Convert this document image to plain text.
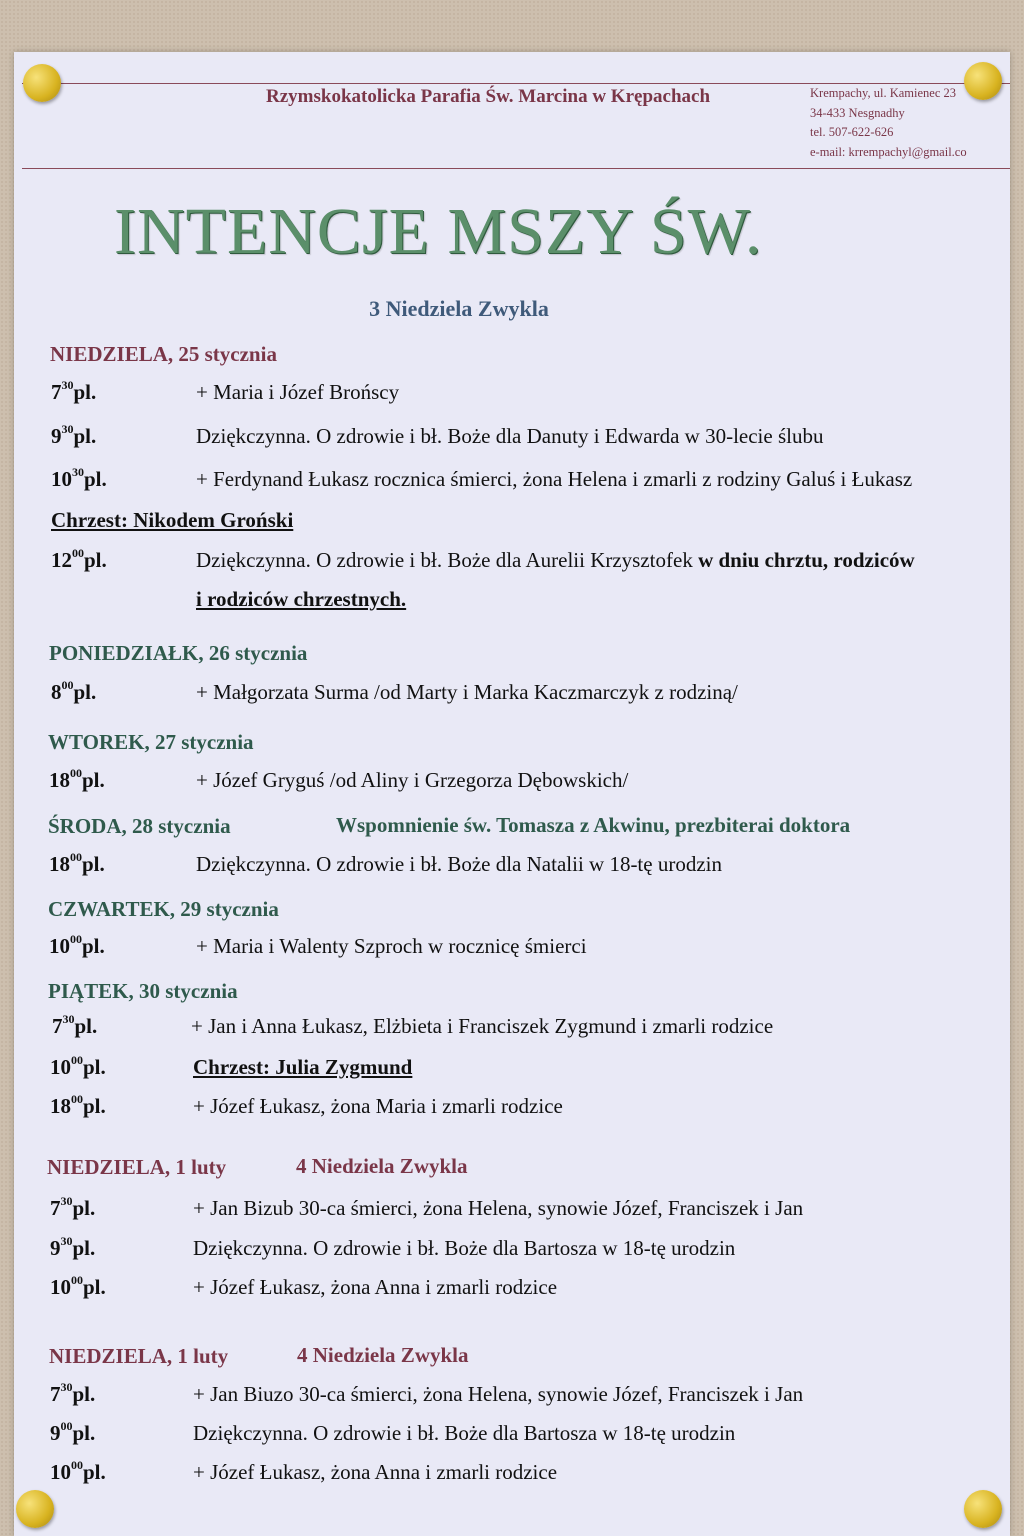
Rzymskokatolicka Parafia Św. Marcina w Krępachach	Krempachy, ul. Kamienec 23
34-433 Nesgnadhy
tel. 507-622-626
e-mail: krrempachyl@gmail.co
INTENCJE MSZY ŚW.
3 Niedziela Zwykla
NIEDZIELA, 25 stycznia
$7^{30}pl$.	+ Maria i Józef Brońscy
$9^{30}pl$.	Dziękczynna. O zdrowie i bł. Boże dla Danuty i Edwarda w 30-lecie ślubu
$10^{30}pl$.	+ Ferdynand Łukasz rocznica śmierci, żona Helena i zmarli z rodziny Galuś i Łukasz
Chrzest: Nikodem Groński
$12^{00}pl$.	Dziękczynna. O zdrowie i bł. Boże dla Aurelii Krzysztofek w dniu chrztu, rodziców
i rodziców chrzestnych.
PONIEDZIAŁK, 26 stycznia
$8^{00}pl$.	+ Małgorzata Surma /od Marty i Marka Kaczmarczyk z rodziną/
WTOREK, 27 stycznia
$18^{00}pl$.	+ Józef Gryguś /od Aliny i Grzegorza Dębowskich/
ŚRODA, 28 stycznia	Wspomnienie św. Tomasza z Akwinu, prezbiterai doktora
$18^{00}pl$.	Dziękczynna. O zdrowie i bł. Boże dla Natalii w 18-tę urodzin
CZWARTEK, 29 stycznia
$10^{00}pl$.	+ Maria i Walenty Szproch w rocznicę śmierci
PIĄTEK, 30 stycznia
$7^{30}pl$.	+ Jan i Anna Łukasz, Elżbieta i Franciszek Zygmund i zmarli rodzice
$10^{00}pl$.	Chrzest: Julia Zygmund
$18^{00}pl$.	+ Józef Łukasz, żona Maria i zmarli rodzice
NIEDZIELA, 1 luty	4 Niedziela Zwykla
$7^{30}pl$.	+ Jan Bizub 30-ca śmierci, żona Helena, synowie Józef, Franciszek i Jan
$9^{30}pl$.	Dziękczynna. O zdrowie i bł. Boże dla Bartosza w 18-tę urodzin
$10^{00}pl$.	+ Józef Łukasz, żona Anna i zmarli rodzice
NIEDZIELA, 1 luty	4 Niedziela Zwykla
$7^{30}pl$.	+ Jan Biuzo 30-ca śmierci, żona Helena, synowie Józef, Franciszek i Jan
$9^{00}pl$.	Dziękczynna. O zdrowie i bł. Boże dla Bartosza w 18-tę urodzin
$10^{00}pl$.	+ Józef Łukasz, żona Anna i zmarli rodzice
